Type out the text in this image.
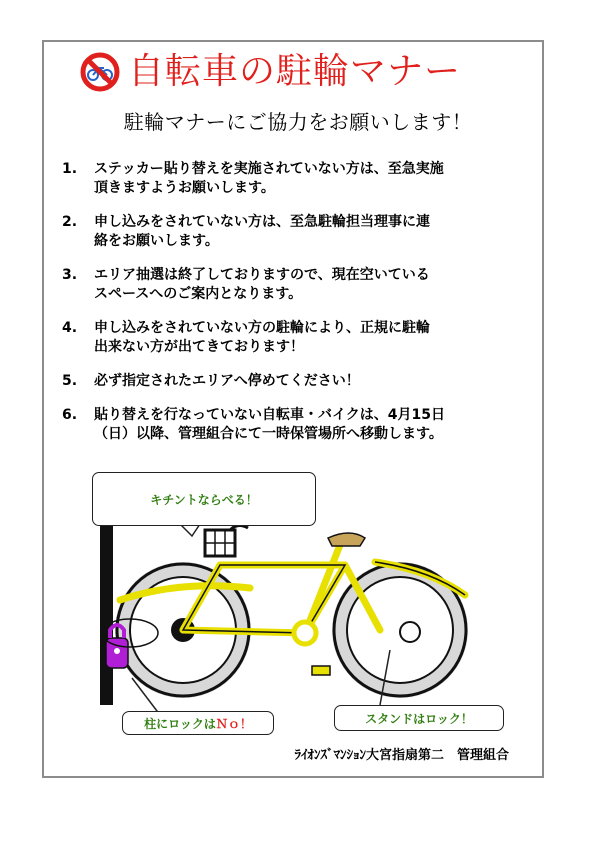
自転車の駐輪マナー
駐輪マナーにご協力をお願いします！
1.	ステッカー貼り替えを実施されていない方は、至急実施
頂きますようお願いします。
2.	申し込みをされていない方は、至急駐輪担当理事に連
絡をお願いします。
3.	エリア抽選は終了しておりますので、現在空いている
スペースへのご案内となります。
4.	申し込みをされていない方の駐輪により、正規に駐輪
出来ない方が出てきております！
5.	必ず指定されたエリアへ停めてください！
6.	貼り替えを行なっていない自転車・バイクは、4月15日
（日）以降、管理組合にて一時保管場所へ移動します。
キチントならべる！
柱にロックは Ｎｏ！	スタンドはロック！
ﾗｲｵﾝｽﾞﾏﾝｼｮﾝ大宮指扇第二　管理組合
